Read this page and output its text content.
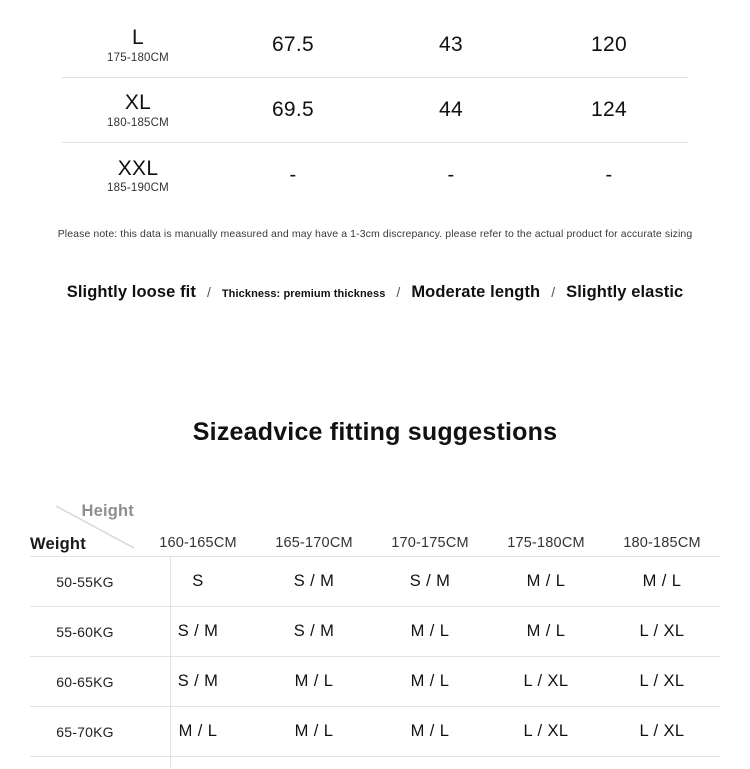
L
175-180CM
67.5	43	120
XL
180-185CM
69.5	44	124
XXL
185-190CM
-	-	-
Please note: this data is manually measured and may have a 1-3cm discrepancy. please refer to the actual product for accurate sizing
Slightly loose fit / Thickness: premium thickness / Moderate length / Slightly elastic
Sizeadvice fitting suggestions
Height
Weight	160-165CM	165-170CM	170-175CM	175-180CM	180-185CM
50-55KG	S	S / M	S / M	M / L	M / L
55-60KG	S / M	S / M	M / L	M / L	L / XL
60-65KG	S / M	M / L	M / L	L / XL	L / XL
65-70KG	M / L	M / L	M / L	L / XL	L / XL
